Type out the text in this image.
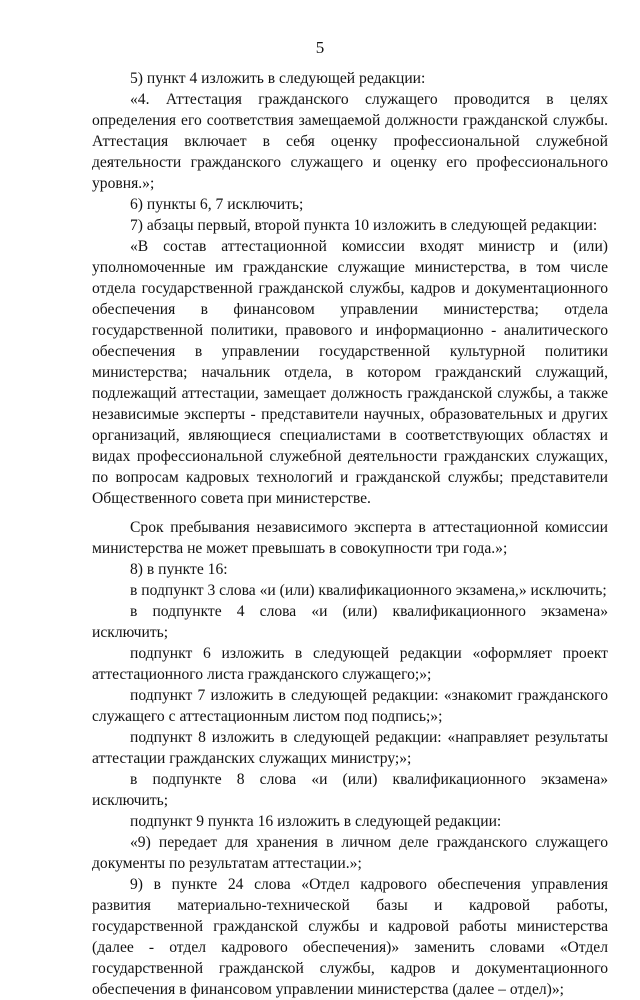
5

5) пункт 4 изложить в следующей редакции:

«4. Аттестация гражданского служащего проводится в целях определения его соответствия замещаемой должности гражданской службы. Аттестация включает в себя оценку профессиональной служебной деятельности гражданского служащего и оценку его профессионального уровня.»;

6) пункты 6, 7 исключить;

7) абзацы первый, второй пункта 10 изложить в следующей редакции:

«В состав аттестационной комиссии входят министр и (или) уполномоченные им гражданские служащие министерства, в том числе отдела государственной гражданской службы, кадров и документационного обеспечения в финансовом управлении министерства; отдела государственной политики, правового и информационно - аналитического обеспечения в управлении государственной культурной политики министерства; начальник отдела, в котором гражданский служащий, подлежащий аттестации, замещает должность гражданской службы, а также независимые эксперты - представители научных, образовательных и других организаций, являющиеся специалистами в соответствующих областях и видах профессиональной служебной деятельности гражданских служащих, по вопросам кадровых технологий и гражданской службы; представители Общественного совета при министерстве.

Срок пребывания независимого эксперта в аттестационной комиссии министерства не может превышать в совокупности три года.»;

8) в пункте 16:

в подпункт 3 слова «и (или) квалификационного экзамена,» исключить;

в подпункте 4 слова «и (или) квалификационного экзамена» исключить;

подпункт 6 изложить в следующей редакции «оформляет проект аттестационного листа гражданского служащего;»;

подпункт 7 изложить в следующей редакции: «знакомит гражданского служащего с аттестационным листом под подпись;»;

подпункт 8 изложить в следующей редакции: «направляет результаты аттестации гражданских служащих министру;»;

в подпункте 8 слова «и (или) квалификационного экзамена» исключить;

подпункт 9 пункта 16 изложить в следующей редакции:

«9) передает для хранения в личном деле гражданского служащего документы по результатам аттестации.»;

9) в пункте 24 слова «Отдел кадрового обеспечения управления развития материально-технической базы и кадровой работы, государственной гражданской службы и кадровой работы министерства (далее - отдел кадрового обеспечения)» заменить словами «Отдел государственной гражданской службы, кадров и документационного обеспечения в финансовом управлении министерства (далее – отдел)»;
